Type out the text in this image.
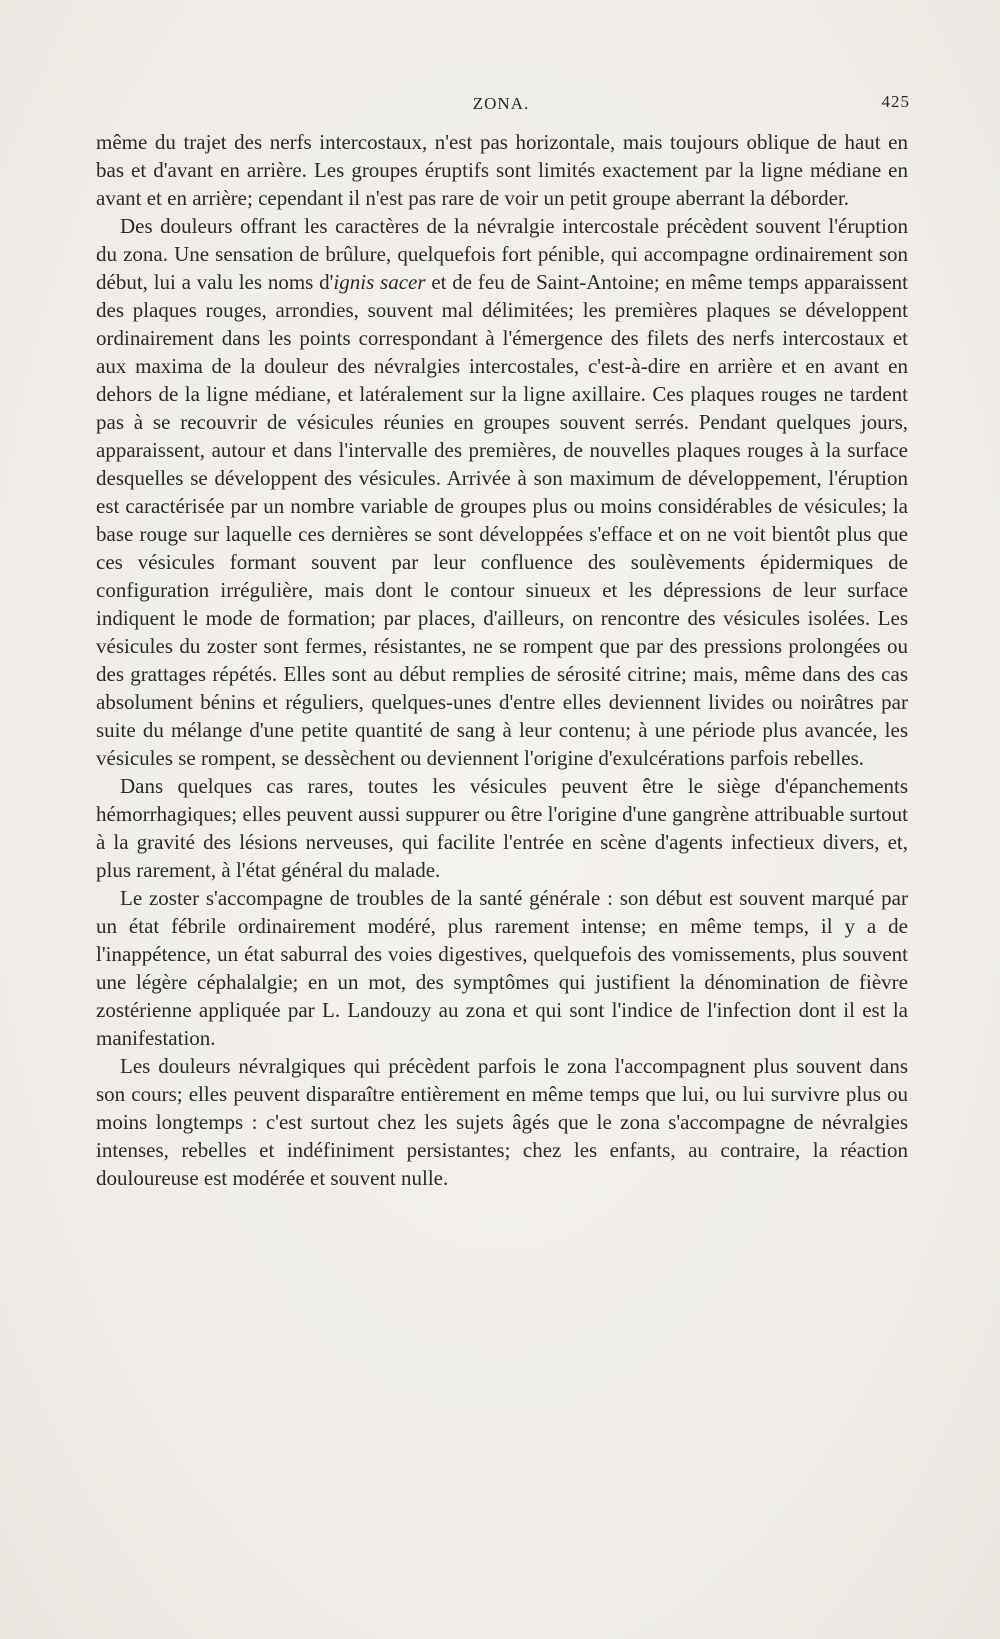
ZONA.	425

même du trajet des nerfs intercostaux, n'est pas horizontale, mais toujours oblique de haut en bas et d'avant en arrière. Les groupes éruptifs sont limités exactement par la ligne médiane en avant et en arrière; cependant il n'est pas rare de voir un petit groupe aberrant la déborder.

Des douleurs offrant les caractères de la névralgie intercostale précèdent souvent l'éruption du zona. Une sensation de brûlure, quelquefois fort pénible, qui accompagne ordinairement son début, lui a valu les noms d'ignis sacer et de feu de Saint-Antoine; en même temps apparaissent des plaques rouges, arrondies, souvent mal délimitées; les premières plaques se développent ordinairement dans les points correspondant à l'émergence des filets des nerfs intercostaux et aux maxima de la douleur des névralgies intercostales, c'est-à-dire en arrière et en avant en dehors de la ligne médiane, et latéralement sur la ligne axillaire. Ces plaques rouges ne tardent pas à se recouvrir de vésicules réunies en groupes souvent serrés. Pendant quelques jours, apparaissent, autour et dans l'intervalle des premières, de nouvelles plaques rouges à la surface desquelles se développent des vésicules. Arrivée à son maximum de développement, l'éruption est caractérisée par un nombre variable de groupes plus ou moins considérables de vésicules; la base rouge sur laquelle ces dernières se sont développées s'efface et on ne voit bientôt plus que ces vésicules formant souvent par leur confluence des soulèvements épidermiques de configuration irrégulière, mais dont le contour sinueux et les dépressions de leur surface indiquent le mode de formation; par places, d'ailleurs, on rencontre des vésicules isolées. Les vésicules du zoster sont fermes, résistantes, ne se rompent que par des pressions prolongées ou des grattages répétés. Elles sont au début remplies de sérosité citrine; mais, même dans des cas absolument bénins et réguliers, quelques-unes d'entre elles deviennent livides ou noirâtres par suite du mélange d'une petite quantité de sang à leur contenu; à une période plus avancée, les vésicules se rompent, se dessèchent ou deviennent l'origine d'exulcérations parfois rebelles.

Dans quelques cas rares, toutes les vésicules peuvent être le siège d'épanchements hémorrhagiques; elles peuvent aussi suppurer ou être l'origine d'une gangrène attribuable surtout à la gravité des lésions nerveuses, qui facilite l'entrée en scène d'agents infectieux divers, et, plus rarement, à l'état général du malade.

Le zoster s'accompagne de troubles de la santé générale : son début est souvent marqué par un état fébrile ordinairement modéré, plus rarement intense; en même temps, il y a de l'inappétence, un état saburral des voies digestives, quelquefois des vomissements, plus souvent une légère céphalalgie; en un mot, des symptômes qui justifient la dénomination de fièvre zostérienne appliquée par L. Landouzy au zona et qui sont l'indice de l'infection dont il est la manifestation.

Les douleurs névralgiques qui précèdent parfois le zona l'accompagnent plus souvent dans son cours; elles peuvent disparaître entièrement en même temps que lui, ou lui survivre plus ou moins longtemps : c'est surtout chez les sujets âgés que le zona s'accompagne de névralgies intenses, rebelles et indéfiniment persistantes; chez les enfants, au contraire, la réaction douloureuse est modérée et souvent nulle.
